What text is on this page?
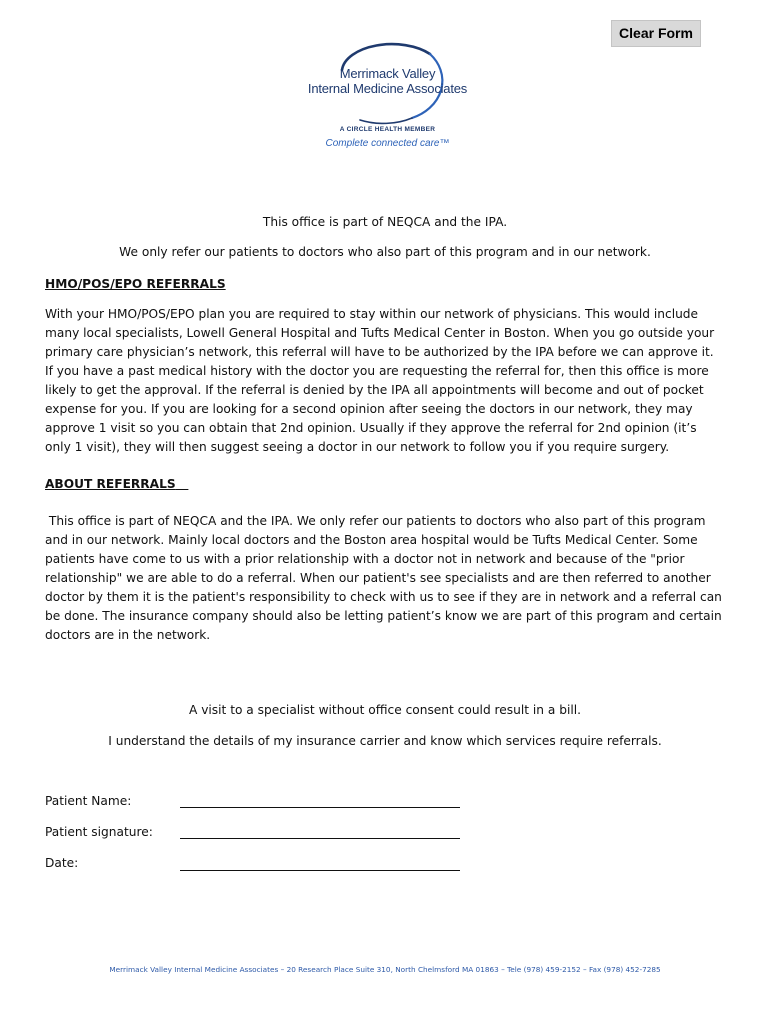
Clear Form
Merrimack Valley
Internal Medicine Associates
A CIRCLE HEALTH MEMBER
Complete connected care™
This office is part of NEQCA and the IPA.
We only refer our patients to doctors who also part of this program and in our network.
HMO/POS/EPO REFERRALS
With your HMO/POS/EPO plan you are required to stay within our network of physicians. This would include
many local specialists, Lowell General Hospital and Tufts Medical Center in Boston. When you go outside your
primary care physician’s network, this referral will have to be authorized by the IPA before we can approve it.
If you have a past medical history with the doctor you are requesting the referral for, then this office is more
likely to get the approval. If the referral is denied by the IPA all appointments will become and out of pocket
expense for you. If you are looking for a second opinion after seeing the doctors in our network, they may
approve 1 visit so you can obtain that 2nd opinion. Usually if they approve the referral for 2nd opinion (it’s
only 1 visit), they will then suggest seeing a doctor in our network to follow you if you require surgery.
ABOUT REFERRALS
This office is part of NEQCA and the IPA. We only refer our patients to doctors who also part of this program
and in our network. Mainly local doctors and the Boston area hospital would be Tufts Medical Center. Some
patients have come to us with a prior relationship with a doctor not in network and because of the "prior
relationship" we are able to do a referral. When our patient's see specialists and are then referred to another
doctor by them it is the patient's responsibility to check with us to see if they are in network and a referral can
be done. The insurance company should also be letting patient’s know we are part of this program and certain
doctors are in the network.
A visit to a specialist without office consent could result in a bill.
I understand the details of my insurance carrier and know which services require referrals.
Patient Name:
Patient signature:
Date:
Merrimack Valley Internal Medicine Associates – 20 Research Place Suite 310, North Chelmsford MA 01863 – Tele (978) 459-2152 – Fax (978) 452-7285
